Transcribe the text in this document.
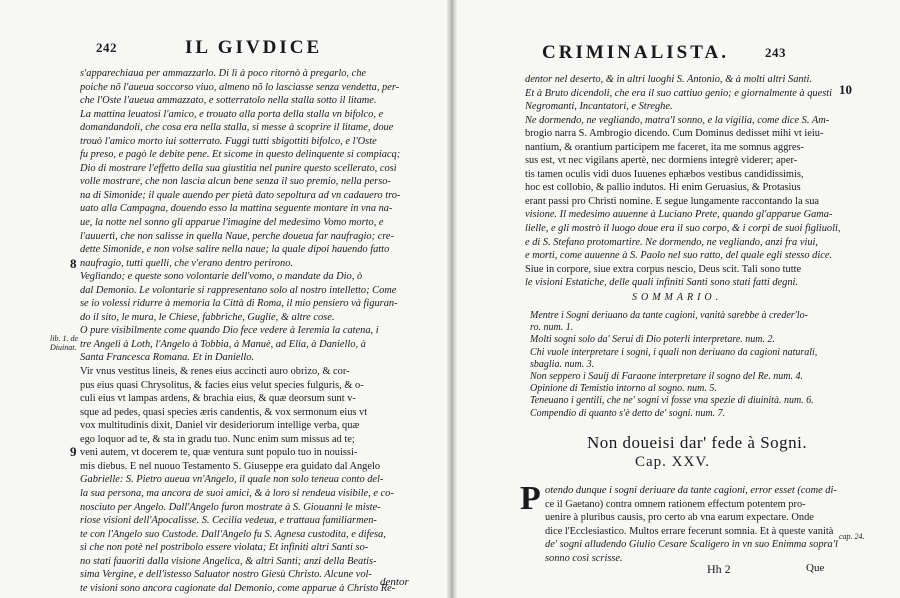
242	IL GIVDICE
s'apparechiaua per ammazzarlo. Di lì à poco ritornò à pregarlo, che
poiche nõ l'aueua soccorso viuo, almeno nõ lo lasciasse senza vendetta, per-
che l'Oste l'aueua ammazzato, e sotterratolo nella stalla sotto il litame.
La mattina leuatosi l'amico, e trouato alla porta della stalla vn bifolco, e
domandandoli, che cosa era nella stalla, si messe à scoprire il litame, doue
trouò l'amico morto iui sotterrato. Fuggì tutti sbigottiti bifolco, e l'Oste
fu preso, e pagò le debite pene. Et sicome in questo delinquente si compiacq;
Dio di mostrare l'effetto della sua giustitia nel punire questo scellerato, così
volle mostrare, che non lascia alcun bene senza il suo premio, nella perso-
na di Simonide; il quale auendo per pietà dato sepoltura ad vn cadauero tro-
uato alla Campagna, douendo esso la mattina seguente montare in vna na-
ue, la notte nel sonno gli apparue l'imagine del medesimo Vomo morto, e
l'auuertì, che non salisse in quella Naue, perche doueua far naufragio; cre-
dette Simonide, e non volse salire nella naue; la quale dipoi hauendo fatto
naufragio, tutti quelli, che v'erano dentro perirono.
Vegliando; e queste sono volontarie dell'vomo, o mandate da Dio, ò
dal Demonio. Le volontarie si rappresentano solo al nostro intelletto; Come
se io volessi ridurre à memoria la Città di Roma, il mio pensiero và figuran-
do il sito, le mura, le Chiese, fabbriche, Guglie, & altre cose.
O pure visibilmente come quando Dio fece vedere à Ieremia la catena, i
tre Angeli à Loth, l'Angelo à Tobbia, à Manuè, ad Elia, à Daniello, à
Santa Francesca Romana. Et in Daniello.
Vir vnus vestitus lineis, & renes eius accincti auro obrizo, & cor-
pus eius quasi Chrysolitus, & facies eius velut species fulguris, & o-
culi eius vt lampas ardens, & brachia eius, & quæ deorsum sunt v-
sque ad pedes, quasi species æris candentis, & vox sermonum eius vt
vox multitudinis dixit, Daniel vir desideriorum intellige verba, quæ
ego loquor ad te, & sta in gradu tuo. Nunc enim sum missus ad te;
veni autem, vt docerem te, quæ ventura sunt populo tuo in nouissi-
mis diebus. E nel nuouo Testamento S. Giuseppe era guidato dal Angelo
Gabrielle: S. Pietro aueua vn'Angelo, il quale non solo teneua conto del-
la sua persona, ma ancora de suoi amici, & à loro si rendeua visibile, e co-
nosciuto per Angelo. Dall'Angelo furon mostrate à S. Giouanni le miste-
riose visioni dell'Apocalisse. S. Cecilia vedeua, e trattaua familiarmen-
te con l'Angelo suo Custode. Dall'Angelo fu S. Agnesa custodita, e difesa,
sì che non potè nel postribolo essere violata; Et infiniti altri Santi so-
no stati fauoriti dalla visione Angelica, & altri Santi; anzi della Beatis-
sima Vergine, e dell'istesso Saluator nostro Giesù Christo. Alcune vol-
te visioni sono ancora cagionate dal Demonio, come apparue à Christo Re-
8
9
lib. 1. de Diuinat.
dentor
CRIMINALISTA.	243
dentor nel deserto, & in altri luoghi S. Antonio, & à molti altri Santi.
Et à Bruto dicendoli, che era il suo cattiuo genio; e giornalmente à questi
Negromanti, Incantatori, e Streghe.
Ne dormendo, ne vegliando, matra'l sonno, e la vigilia, come dice S. Am-
brogio narra S. Ambrogio dicendo. Cum Dominus dedisset mihi vt ieiu-
nantium, & orantium participem me faceret, ita me somnus aggres-
sus est, vt nec vigilans apertè, nec dormiens integrè viderer; aper-
tis tamen oculis vidi duos Iuuenes ephæbos vestibus candidissimis,
hoc est collobio, & pallio indutos. Hi enim Geruasius, & Protasius
erant passi pro Christi nomine. E segue lungamente raccontando la sua
visione. Il medesimo auuenne à Luciano Prete, quando gl'apparue Gama-
lielle, e gli mostrò il luogo doue era il suo corpo, & i corpi de suoi figliuoli,
e di S. Stefano protomartire. Ne dormendo, ne vegliando, anzi fra viui,
e morti, come auuenne à S. Paolo nel suo ratto, del quale egli stesso dice.
Siue in corpore, siue extra corpus nescio, Deus scit. Tali sono tutte
le visioni Estatiche, delle quali infiniti Santi sono stati fatti degni.
10
SOMMARIO.
Mentre i Sogni deriuano da tante cagioni, vanità sarebbe à creder'lo-
ro. num. 1.
Molti sogni solo da' Serui di Dio poterli interpretare. num. 2.
Chi vuole interpretare i sogni, i quali non deriuano da cagioni naturali,
sbaglia. num. 3.
Non seppero i Sauij di Faraone interpretare il sogno del Re. num. 4.
Opinione di Temistio intorno al sogno. num. 5.
Teneuano i gentili, che ne' sogni vi fosse vna spezie di diuinità. num. 6.
Compendio di quanto s'è detto de' sogni. num. 7.
Non doueisi dar' fede à Sogni.
Cap. XXV.
P otendo dunque i sogni deriuare da tante cagioni, error esset (come di-
ce il Gaetano) contra omnem rationem effectum potentem pro-
uenire à pluribus causis, pro certo ab vna earum expectare. Onde
dice l'Ecclesiastico. Multos errare fecerunt somnia. Et à queste vanità
de' sogni alludendo Giulio Cesare Scaligero in vn suo Enimma sopra'l
sonno così scrisse.
cap. 24.
Hh 2	Que
